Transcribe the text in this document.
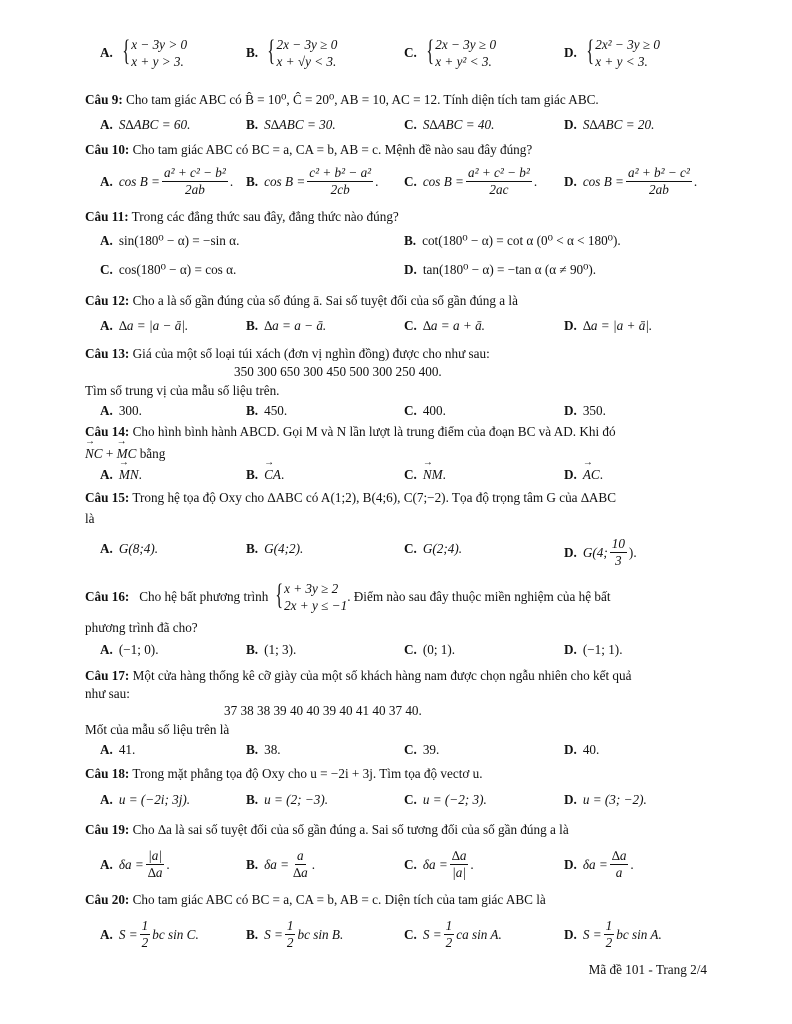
A. { x − 3y > 0
x + y > 3.
B. { 2x − 3y ≥ 0
x + √y < 3.
C. { 2x − 3y ≥ 0
x + y² < 3.
D. { 2x² − 3y ≥ 0
x + y < 3.
Câu 9: Cho tam giác ABC có B̂ = 10⁰, Ĉ = 20⁰, AB = 10, AC = 12. Tính diện tích tam giác ABC.
A. S∆ABC = 60.	B. S∆ABC = 30.	C. S∆ABC = 40.	D. S∆ABC = 20.
Câu 10: Cho tam giác ABC có BC = a, CA = b, AB = c. Mệnh đề nào sau đây đúng?
A. $\cos B = \frac{\text{a² + c² − b²}}{2ab}$ . B. $\cos B = \frac{\text{c² + b² − a²}}{2cb}$ . C. $\cos B = \frac{\text{a² + c² − b²}}{2ac}$ . D. $\cos B = \frac{\text{a² + b² − c²}}{2ab}$ .
Câu 11: Trong các đẳng thức sau đây, đẳng thức nào đúng?
A. sin(180⁰ − α) = −sin α.	B. cot(180⁰ − α) = cot α (0⁰ < α < 180⁰).
C. cos(180⁰ − α) = cos α.	D. tan(180⁰ − α) = −tan α (α ≠ 90⁰).
Câu 12: Cho a là số gần đúng của số đúng ā. Sai số tuyệt đối của số gần đúng a là
A. ∆a = |a − ā|.	B. ∆a = a − ā.	C. ∆a = a + ā.	D. ∆a = |a + ā|.
Câu 13: Giá của một số loại túi xách (đơn vị nghìn đồng) được cho như sau:
350 300 650 300 450 500 300 250 400.
Tìm số trung vị của mẫu số liệu trên.
A. 300.	B. 450.	C. 400.	D. 350.
Câu 14: Cho hình bình hành ABCD. Gọi M và N lần lượt là trung điểm của đoạn BC và AD. Khi đó
→ NC + → MC bằng
A. → MN .	B. → CA .	C. → NM .	D. → AC .
Câu 15: Trong hệ tọa độ Oxy cho ∆ABC có A(1;2), B(4;6), C(7;−2). Tọa độ trọng tâm G của ∆ABC
là
A. G(8;4).	B. G(4;2).	C. G(2;4).	D. G(4; $\frac{10}{3}$ ).
Câu 16:
Cho hệ bất phương trình
{ x + 3y ≥ 2
2x + y ≤ −1
. Điểm nào sau đây thuộc miền nghiệm của hệ bất
phương trình đã cho?
A. (−1; 0).	B. (1; 3).	C. (0; 1).	D. (−1; 1).
Câu 17: Một cửa hàng thống kê cỡ giày của một số khách hàng nam được chọn ngẫu nhiên cho kết quả
như sau:
37 38 38 39 40 40 39 40 41 40 37 40.
Mốt của mẫu số liệu trên là
A. 41.	B. 38.	C. 39.	D. 40.
Câu 18: Trong mặt phẳng tọa độ Oxy cho u = −2i + 3j. Tìm tọa độ vectơ u.
A. u = (−2i; 3j).	B. u = (2; −3).	C. u = (−2; 3).	D. u = (3; −2).
Câu 19: Cho ∆a là sai số tuyệt đối của số gần đúng a. Sai số tương đối của số gần đúng a là
A. $\delta a = \frac{|a|}{\Delta a}$ .	B. $\delta a = \frac{a}{\Delta a}$ .	C. $\delta a = \frac{\Delta a}{|a|}$ .	D. $\delta a = \frac{\Delta a}{a}$ .
Câu 20: Cho tam giác ABC có BC = a, CA = b, AB = c. Diện tích của tam giác ABC là
A. $S = \frac{1}{2}$ bc sin C.	B. $S = \frac{1}{2}$ bc sin B.	C. $S = \frac{1}{2}$ ca sin A.	D. $S = \frac{1}{2}$ bc sin A.
Mã đề 101 - Trang 2/4
